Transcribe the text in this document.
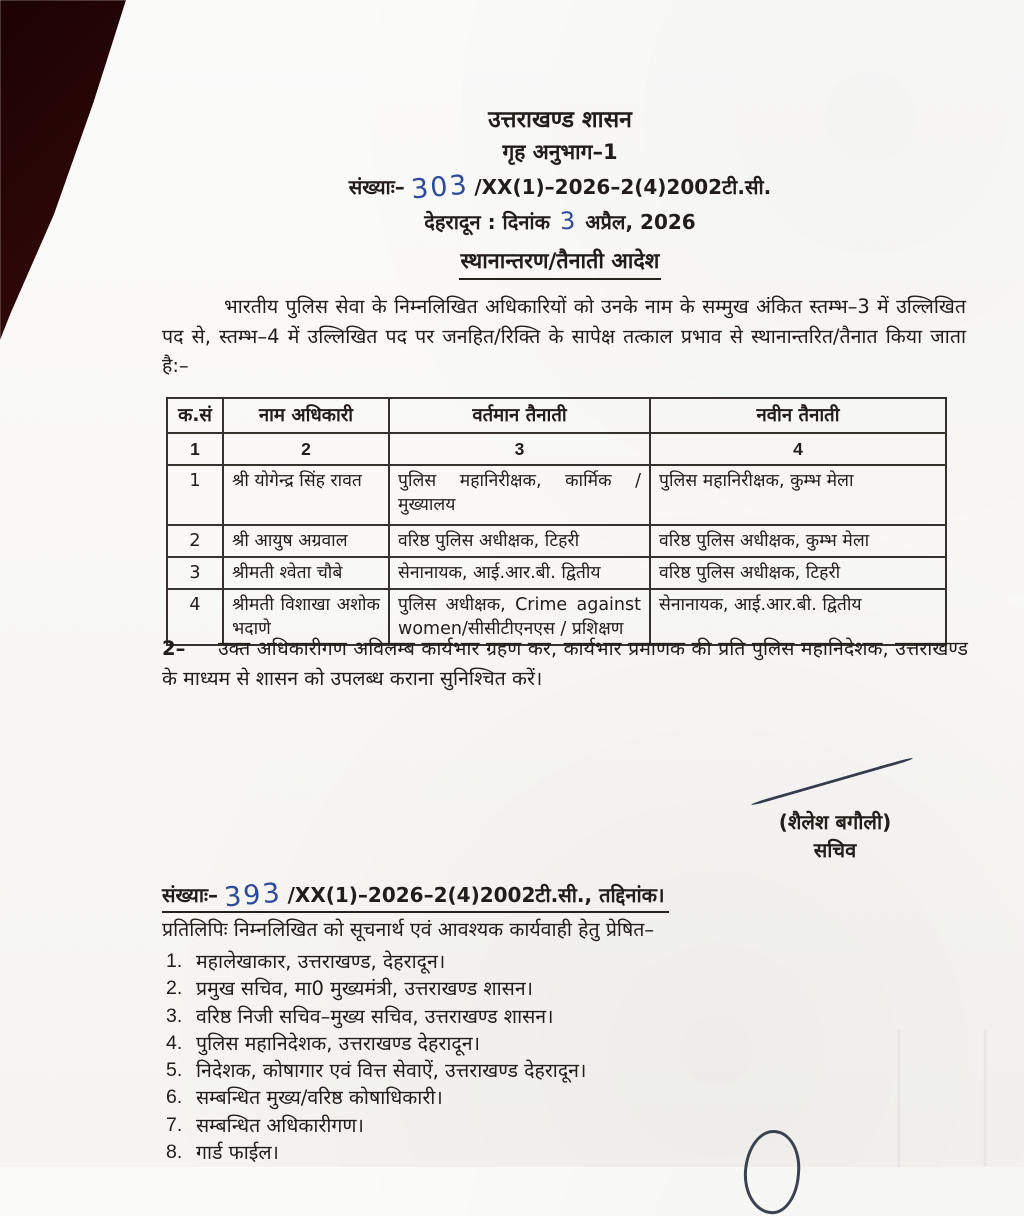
उत्तराखण्ड शासन
गृह अनुभाग–1
संख्याः– 303 /XX(1)–2026–2(4)2002टी.सी.
देहरादून : दिनांक 3 अप्रैल, 2026
स्थानान्तरण/तैनाती आदेश

भारतीय पुलिस सेवा के निम्नलिखित अधिकारियों को उनके नाम के सम्मुख अंकित स्तम्भ–3 में उल्लिखित पद से, स्तम्भ–4 में उल्लिखित पद पर जनहित/रिक्ति के सापेक्ष तत्काल प्रभाव से स्थानान्तरित/तैनात किया जाता है:–

क.सं	नाम अधिकारी	वर्तमान तैनाती	नवीन तैनाती
1	2	3	4
1	श्री योगेन्द्र सिंह रावत	पुलिस महानिरीक्षक, कार्मिक /मुख्यालय	पुलिस महानिरीक्षक, कुम्भ मेला
2	श्री आयुष अग्रवाल	वरिष्ठ पुलिस अधीक्षक, टिहरी	वरिष्ठ पुलिस अधीक्षक, कुम्भ मेला
3	श्रीमती श्वेता चौबे	सेनानायक, आई.आर.बी. द्वितीय	वरिष्ठ पुलिस अधीक्षक, टिहरी
4	श्रीमती विशाखा अशोक भदाणे	पुलिस अधीक्षक, Crime against women/सीसीटीएनएस / प्रशिक्षण	सेनानायक, आई.आर.बी. द्वितीय

2– उक्त अधिकारीगण अविलम्ब कार्यभार ग्रहण कर, कार्यभार प्रमाणक की प्रति पुलिस महानिदेशक, उत्तराखण्ड के माध्यम से शासन को उपलब्ध कराना सुनिश्चित करें।

(शैलेश बगौली)
सचिव
संख्याः– 393 /XX(1)–2026–2(4)2002टी.सी., तद्दिनांक।
प्रतिलिपिः निम्नलिखित को सूचनार्थ एवं आवश्यक कार्यवाही हेतु प्रेषित–
1. महालेखाकार, उत्तराखण्ड, देहरादून।
2. प्रमुख सचिव, मा0 मुख्यमंत्री, उत्तराखण्ड शासन।
3. वरिष्ठ निजी सचिव–मुख्य सचिव, उत्तराखण्ड शासन।
4. पुलिस महानिदेशक, उत्तराखण्ड देहरादून।
5. निदेशक, कोषागार एवं वित्त सेवाऐं, उत्तराखण्ड देहरादून।
6. सम्बन्धित मुख्य/वरिष्ठ कोषाधिकारी।
7. सम्बन्धित अधिकारीगण।
8. गार्ड फाईल।
